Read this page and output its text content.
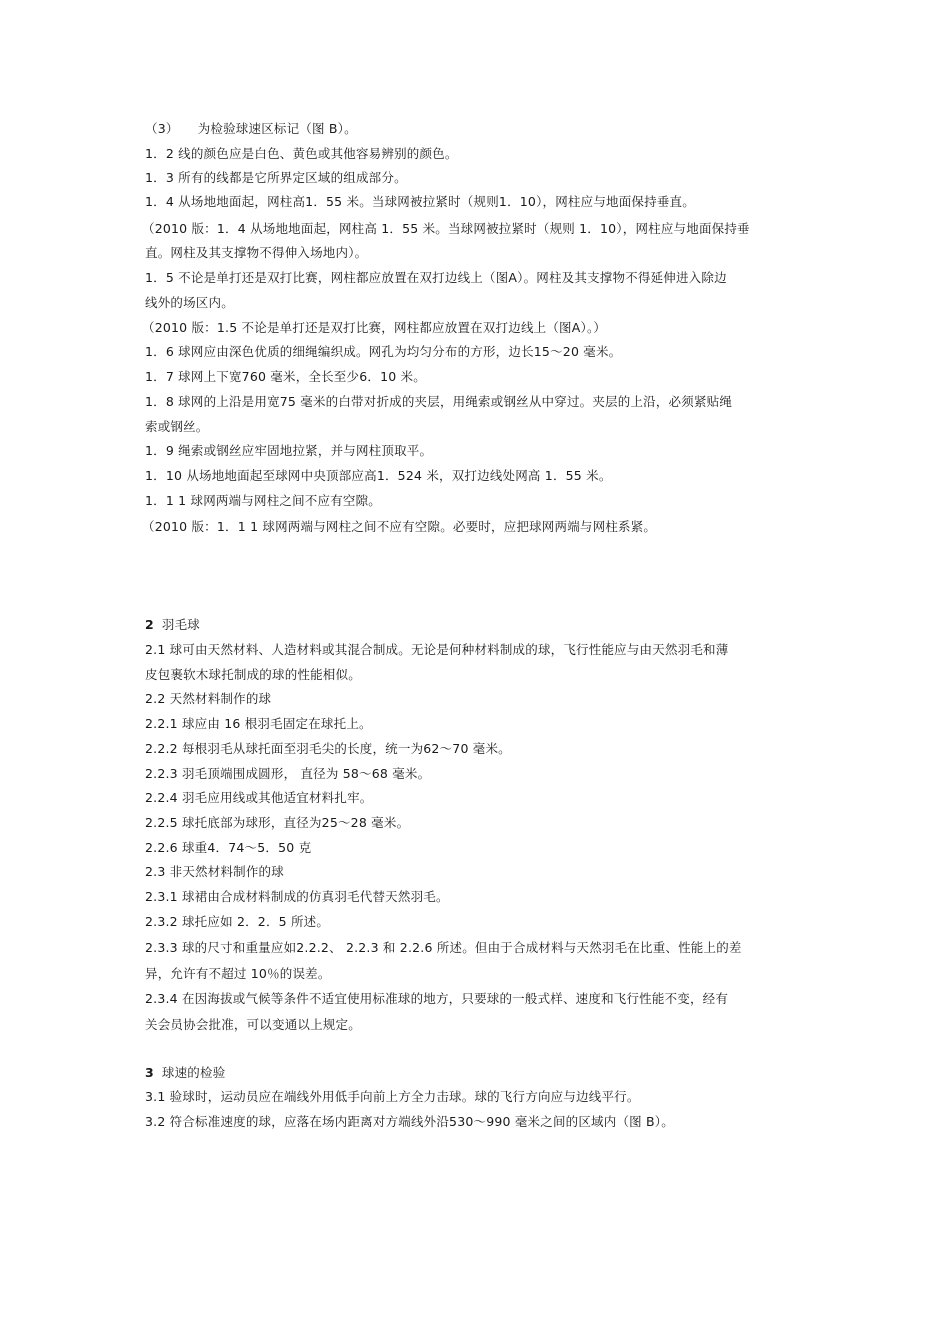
（3）　　为检验球速区标记（图 B）。
1．2 线的颜色应是白色、黄色或其他容易辨别的颜色。
1．3 所有的线都是它所界定区域的组成部分。
1．4 从场地地面起，网柱高1．55 米。当球网被拉紧时（规则1．10），网柱应与地面保持垂直。
（2010 版：1．4 从场地地面起，网柱高 1．55 米。当球网被拉紧时（规则 1．10），网柱应与地面保持垂
直。网柱及其支撑物不得伸入场地内）。
1．5 不论是单打还是双打比赛，网柱都应放置在双打边线上（图A）。网柱及其支撑物不得延伸进入除边
线外的场区内。
（2010 版：1.5 不论是单打还是双打比赛，网柱都应放置在双打边线上（图A）。）
1．6 球网应由深色优质的细绳编织成。网孔为均匀分布的方形，边长15～20 毫米。
1．7 球网上下宽760 毫米，全长至少6．10 米。
1．8 球网的上沿是用宽75 毫米的白带对折成的夹层，用绳索或钢丝从中穿过。夹层的上沿，必须紧贴绳
索或钢丝。
1．9 绳索或钢丝应牢固地拉紧，并与网柱顶取平。
1．10 从场地地面起至球网中央顶部应高1．524 米，双打边线处网高 1．55 米。
1．1 1 球网两端与网柱之间不应有空隙。
（2010 版：1．1 1 球网两端与网柱之间不应有空隙。必要时，应把球网两端与网柱系紧。
2 羽毛球
2.1 球可由天然材料、人造材料或其混合制成。无论是何种材料制成的球，飞行性能应与由天然羽毛和薄
皮包裹软木球托制成的球的性能相似。
2.2 天然材料制作的球
2.2.1 球应由 16 根羽毛固定在球托上。
2.2.2 每根羽毛从球托面至羽毛尖的长度，统一为62～70 毫米。
2.2.3 羽毛顶端围成圆形， 直径为 58～68 毫米。
2.2.4 羽毛应用线或其他适宜材料扎牢。
2.2.5 球托底部为球形，直径为25～28 毫米。
2.2.6 球重4．74～5．50 克
2.3 非天然材料制作的球
2.3.1 球裙由合成材料制成的仿真羽毛代替天然羽毛。
2.3.2 球托应如 2．2．5 所述。
2.3.3 球的尺寸和重量应如2.2.2、 2.2.3 和 2.2.6 所述。但由于合成材料与天然羽毛在比重、性能上的差
异，允许有不超过 10％的误差。
2.3.4 在因海拔或气候等条件不适宜使用标准球的地方，只要球的一般式样、速度和飞行性能不变，经有
关会员协会批准，可以变通以上规定。
3 球速的检验
3.1 验球时，运动员应在端线外用低手向前上方全力击球。球的飞行方向应与边线平行。
3.2 符合标准速度的球，应落在场内距离对方端线外沿530～990 毫米之间的区域内（图 B）。
